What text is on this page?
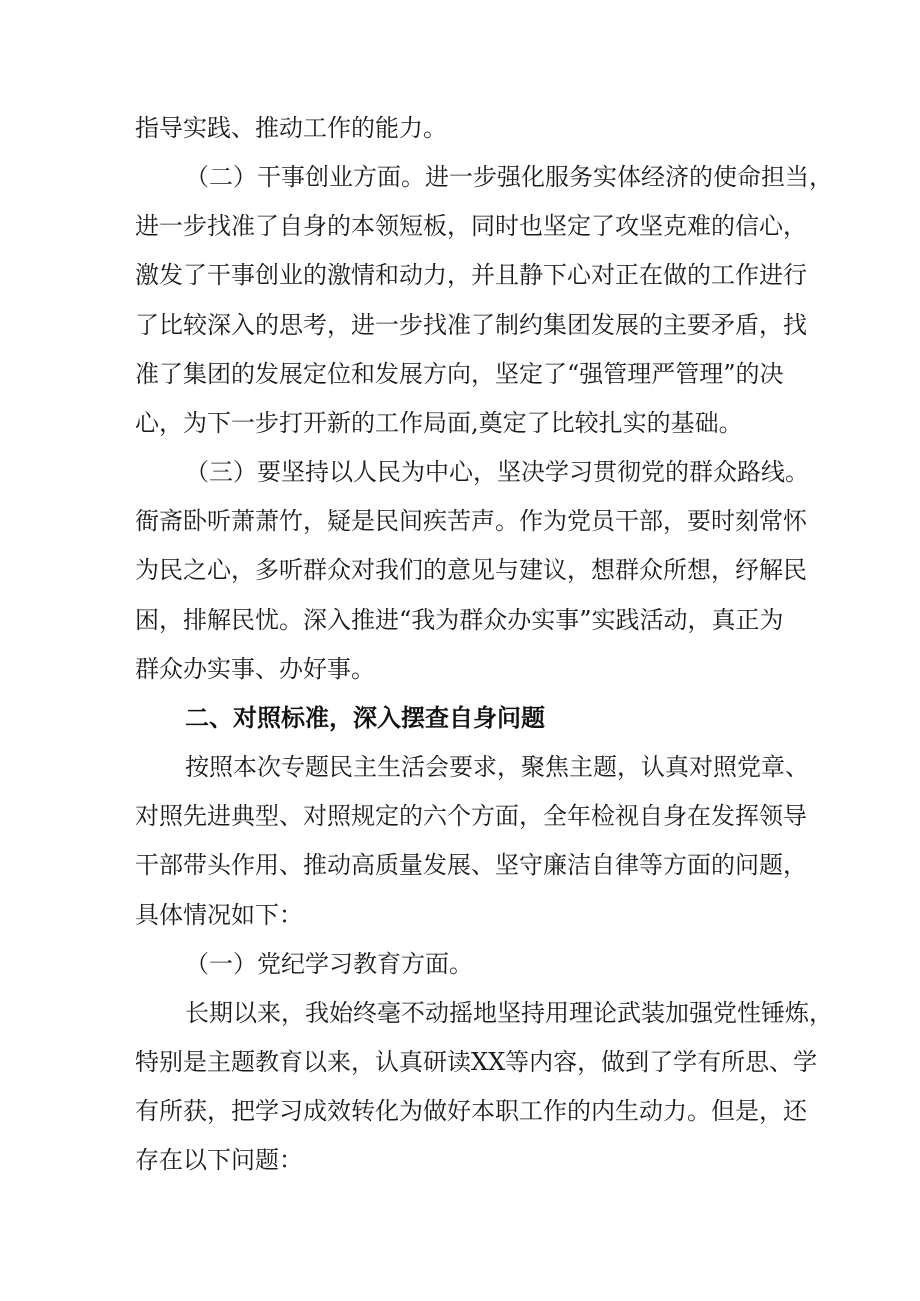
指导实践、推动工作的能力。
（二）干事创业方面。进一步强化服务实体经济的使命担当，
进一步找准了自身的本领短板，同时也坚定了攻坚克难的信心，
激发了干事创业的激情和动力，并且静下心对正在做的工作进行
了比较深入的思考，进一步找准了制约集团发展的主要矛盾，找
准了集团的发展定位和发展方向，坚定了“强管理严管理”的决
心，为下一步打开新的工作局面,奠定了比较扎实的基础。
（三）要坚持以人民为中心，坚决学习贯彻党的群众路线。
衙斋卧听萧萧竹，疑是民间疾苦声。作为党员干部，要时刻常怀
为民之心，多听群众对我们的意见与建议，想群众所想，纾解民
困，排解民忧。深入推进“我为群众办实事”实践活动，真正为
群众办实事、办好事。
二、对照标准，深入摆查自身问题
按照本次专题民主生活会要求，聚焦主题，认真对照党章、
对照先进典型、对照规定的六个方面，全年检视自身在发挥领导
干部带头作用、推动高质量发展、坚守廉洁自律等方面的问题，
具体情况如下：
（一）党纪学习教育方面。
长期以来，我始终毫不动摇地坚持用理论武装加强党性锤炼，
特别是主题教育以来，认真研读XX等内容，做到了学有所思、学
有所获，把学习成效转化为做好本职工作的内生动力。但是，还
存在以下问题：
